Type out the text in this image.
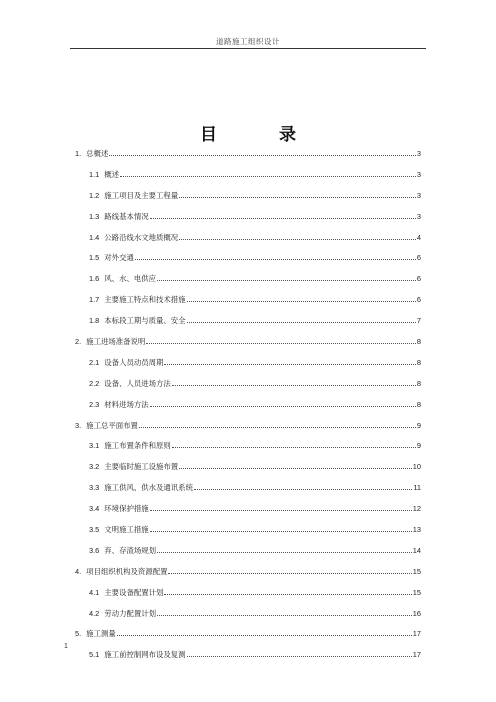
道路施工组织设计
目 录
1. 总概述	3
1.1 概述	3
1.2 施工项目及主要工程量	3
1.3 路线基本情况	3
1.4 公路沿线水文地质概况	4
1.5 对外交通	6
1.6 风、水、电供应	6
1.7 主要施工特点和技术措施	6
1.8 本标段工期与质量、安全	7
2. 施工进场准备说明	8
2.1 设备人员动员周期	8
2.2 设备、人员进场方法	8
2.3 材料进场方法	8
3. 施工总平面布置	9
3.1 施工布置条件和原则	9
3.2 主要临时施工设施布置	10
3.3 施工供风、供水及通讯系统	11
3.4 环境保护措施	12
3.5 文明施工措施	13
3.6 弃、存渣场规划	14
4. 项目组织机构及资源配置	15
4.1 主要设备配置计划	15
4.2 劳动力配置计划	16
5. 施工测量	17
5.1 施工前控制网布设及复测	17
1
